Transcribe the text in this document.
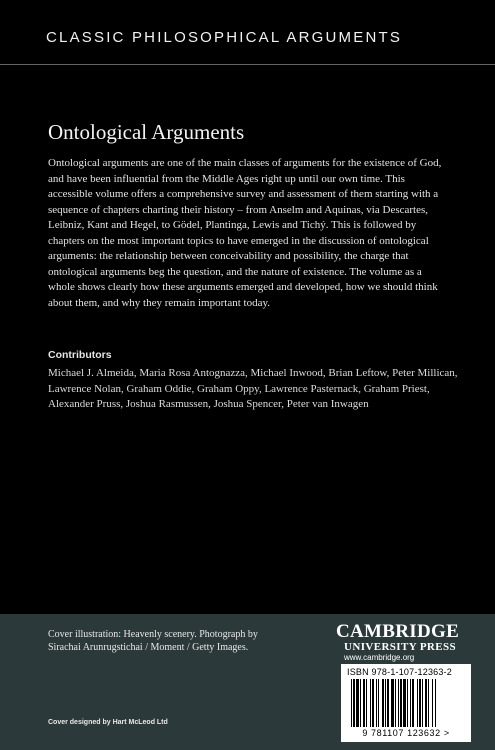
CLASSIC PHILOSOPHICAL ARGUMENTS
Ontological Arguments
Ontological arguments are one of the main classes of arguments for the existence of God, and have been influential from the Middle Ages right up until our own time. This accessible volume offers a comprehensive survey and assessment of them starting with a sequence of chapters charting their history – from Anselm and Aquinas, via Descartes, Leibniz, Kant and Hegel, to Gödel, Plantinga, Lewis and Tichý. This is followed by chapters on the most important topics to have emerged in the discussion of ontological arguments: the relationship between conceivability and possibility, the charge that ontological arguments beg the question, and the nature of existence. The volume as a whole shows clearly how these arguments emerged and developed, how we should think about them, and why they remain important today.
Contributors
Michael J. Almeida, Maria Rosa Antognazza, Michael Inwood, Brian Leftow, Peter Millican, Lawrence Nolan, Graham Oddie, Graham Oppy, Lawrence Pasternack, Graham Priest, Alexander Pruss, Joshua Rasmussen, Joshua Spencer, Peter van Inwagen
Cover illustration: Heavenly scenery. Photograph by Sirachai Arunrugstichai / Moment / Getty Images.
Cover designed by Hart McLeod Ltd
CAMBRIDGE
UNIVERSITY PRESS
www.cambridge.org
ISBN 978-1-107-12363-2
9 781107 123632 >
